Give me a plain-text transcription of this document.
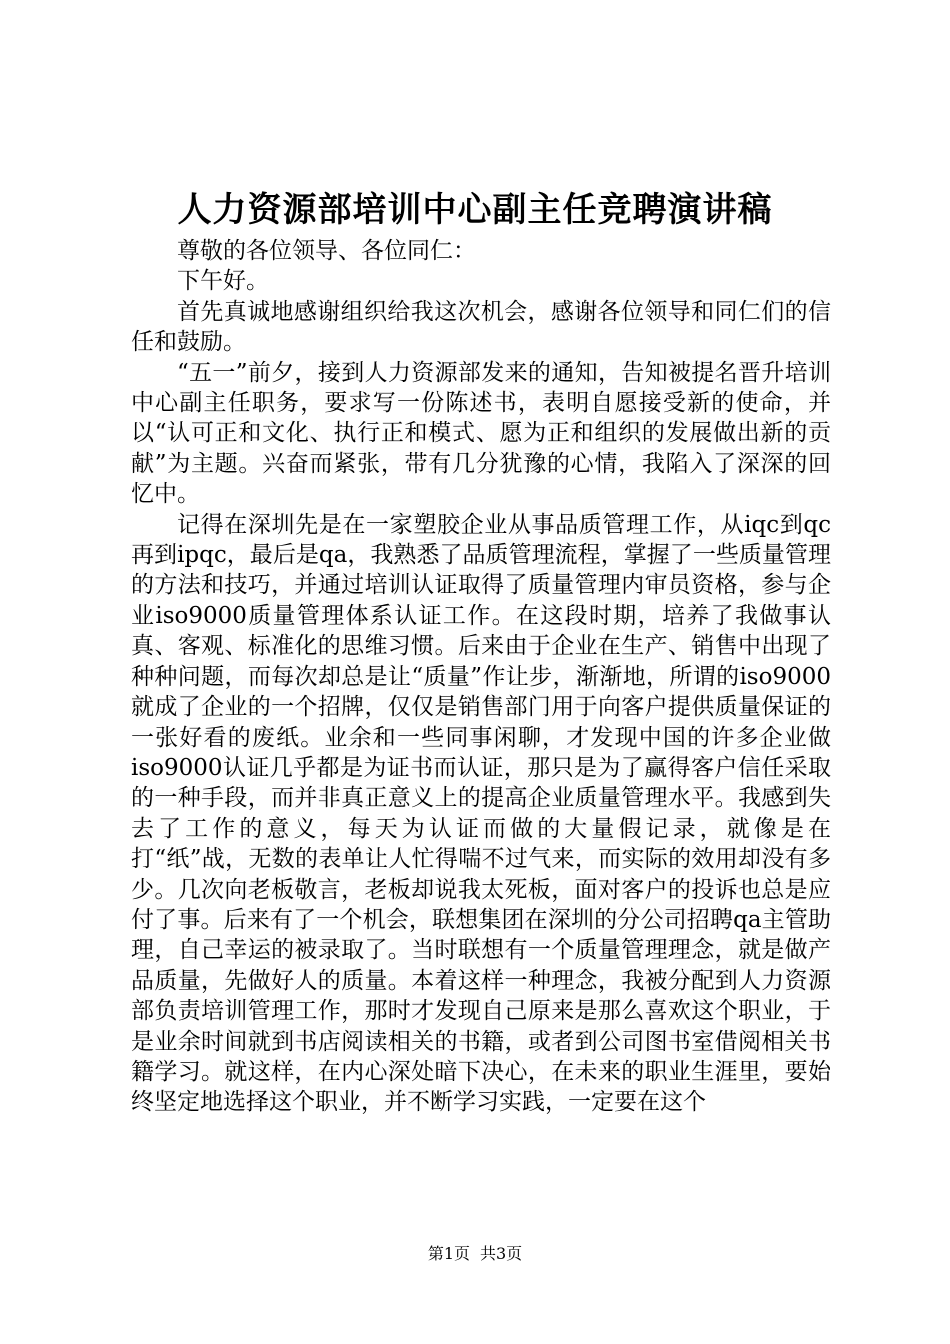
人力资源部培训中心副主任竞聘演讲稿

尊敬的各位领导、各位同仁：

下午好。

首先真诚地感谢组织给我这次机会，感谢各位领导和同仁们的信任和鼓励。

“五一”前夕，接到人力资源部发来的通知，告知被提名晋升培训中心副主任职务，要求写一份陈述书，表明自愿接受新的使命，并以“认可正和文化、执行正和模式、愿为正和组织的发展做出新的贡献”为主题。兴奋而紧张，带有几分犹豫的心情，我陷入了深深的回忆中。

记得在深圳先是在一家塑胶企业从事品质管理工作，从iqc到qc再到ipqc，最后是qa，我熟悉了品质管理流程，掌握了一些质量管理的方法和技巧，并通过培训认证取得了质量管理内审员资格，参与企业iso9000质量管理体系认证工作。在这段时期，培养了我做事认真、客观、标准化的思维习惯。后来由于企业在生产、销售中出现了种种问题，而每次却总是让“质量”作让步，渐渐地，所谓的iso9000就成了企业的一个招牌，仅仅是销售部门用于向客户提供质量保证的一张好看的废纸。业余和一些同事闲聊，才发现中国的许多企业做iso9000认证几乎都是为证书而认证，那只是为了赢得客户信任采取的一种手段，而并非真正意义上的提高企业质量管理水平。我感到失去了工作的意义，每天为认证而做的大量假记录，就像是在打“纸”战，无数的表单让人忙得喘不过气来，而实际的效用却没有多少。几次向老板敬言，老板却说我太死板，面对客户的投诉也总是应付了事。后来有了一个机会，联想集团在深圳的分公司招聘qa主管助理，自己幸运的被录取了。当时联想有一个质量管理理念，就是做产品质量，先做好人的质量。本着这样一种理念，我被分配到人力资源部负责培训管理工作，那时才发现自己原来是那么喜欢这个职业，于是业余时间就到书店阅读相关的书籍，或者到公司图书室借阅相关书籍学习。就这样，在内心深处暗下决心，在未来的职业生涯里，要始终坚定地选择这个职业，并不断学习实践，一定要在这个

第1页 共3页
